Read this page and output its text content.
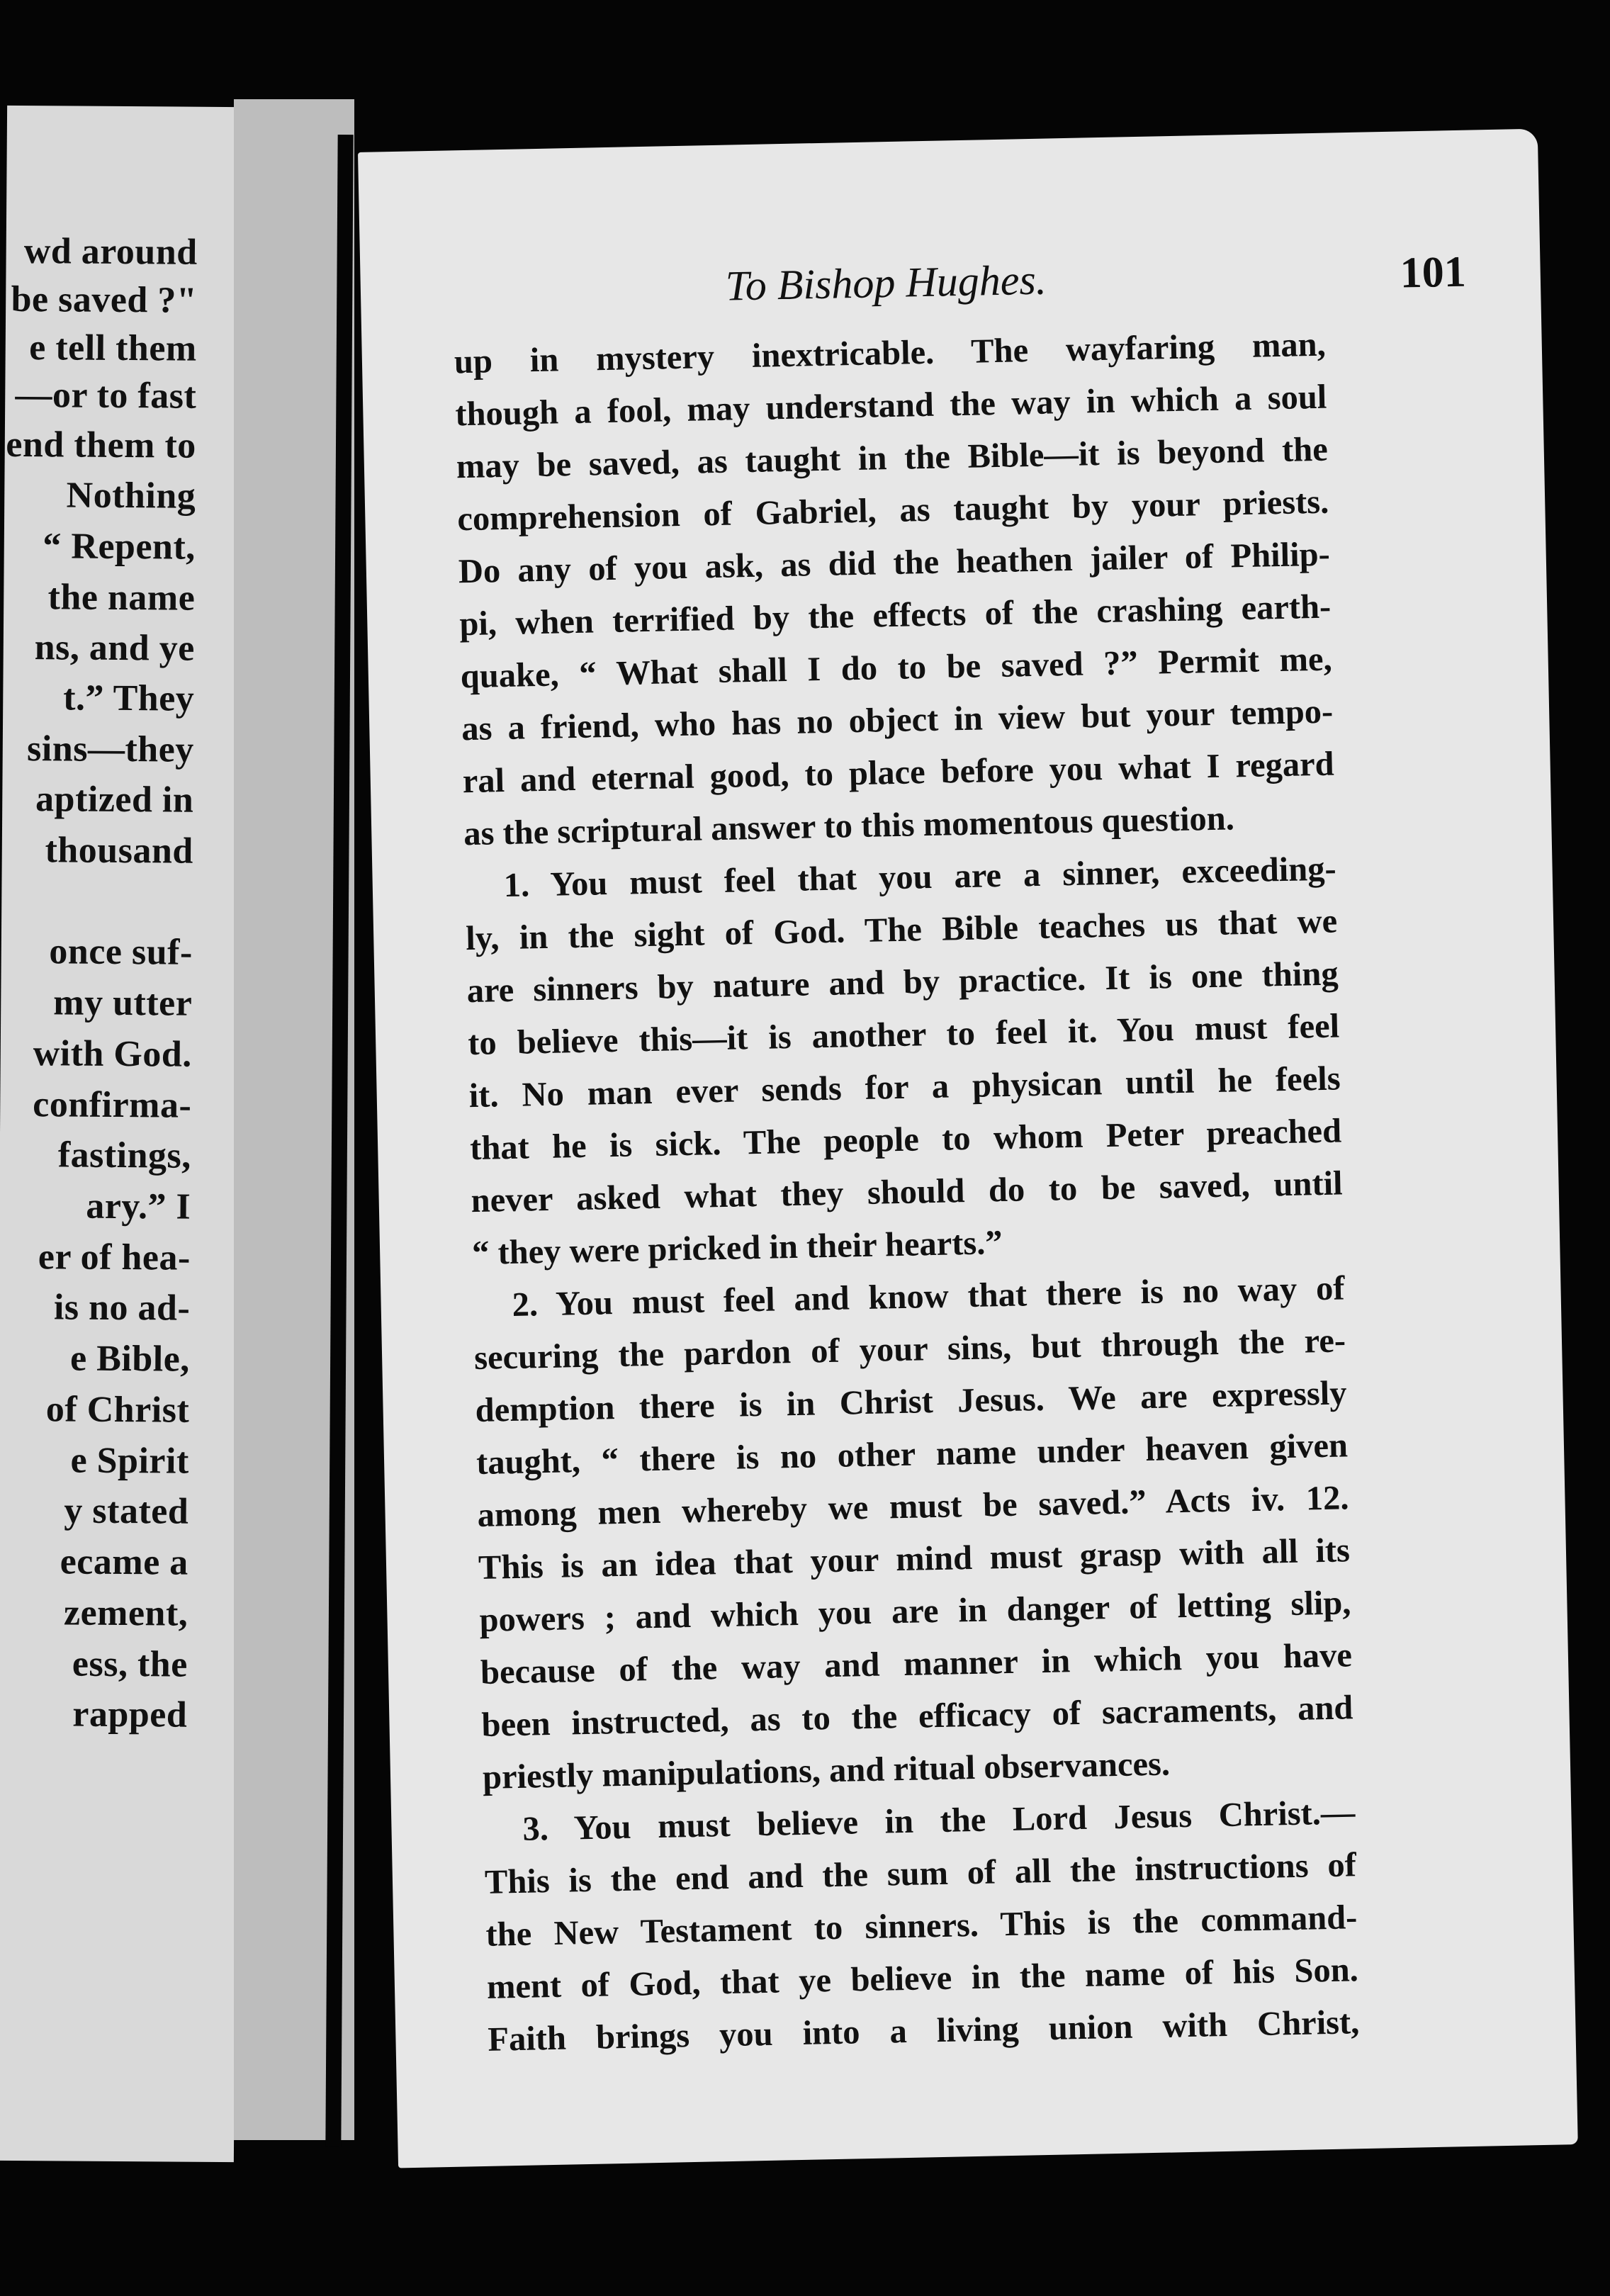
wd around
be saved ?"
e tell them
—or to fast
end them to
Nothing
“ Repent,
the name
ns, and ye
t.” They
sins—they
aptized in
thousand
once suf-
my utter
with God.
confirma-
fastings,
ary.” I
er of hea-
is no ad-
e Bible,
of Christ
e Spirit
y stated
ecame a
zement,
ess, the
rapped
To Bishop Hughes.	101
up in mystery inextricable. The wayfaring man,
though a fool, may understand the way in which a soul
may be saved, as taught in the Bible—it is beyond the
comprehension of Gabriel, as taught by your priests.
Do any of you ask, as did the heathen jailer of Philip-
pi, when terrified by the effects of the crashing earth-
quake, “ What shall I do to be saved ?” Permit me,
as a friend, who has no object in view but your tempo-
ral and eternal good, to place before you what I regard
as the scriptural answer to this momentous question.
1. You must feel that you are a sinner, exceeding-
ly, in the sight of God. The Bible teaches us that we
are sinners by nature and by practice. It is one thing
to believe this—it is another to feel it. You must feel
it. No man ever sends for a physican until he feels
that he is sick. The people to whom Peter preached
never asked what they should do to be saved, until
“ they were pricked in their hearts.”
2. You must feel and know that there is no way of
securing the pardon of your sins, but through the re-
demption there is in Christ Jesus. We are expressly
taught, “ there is no other name under heaven given
among men whereby we must be saved.” Acts iv. 12.
This is an idea that your mind must grasp with all its
powers ; and which you are in danger of letting slip,
because of the way and manner in which you have
been instructed, as to the efficacy of sacraments, and
priestly manipulations, and ritual observances.
3. You must believe in the Lord Jesus Christ.—
This is the end and the sum of all the instructions of
the New Testament to sinners. This is the command-
ment of God, that ye believe in the name of his Son.
Faith brings you into a living union with Christ,
